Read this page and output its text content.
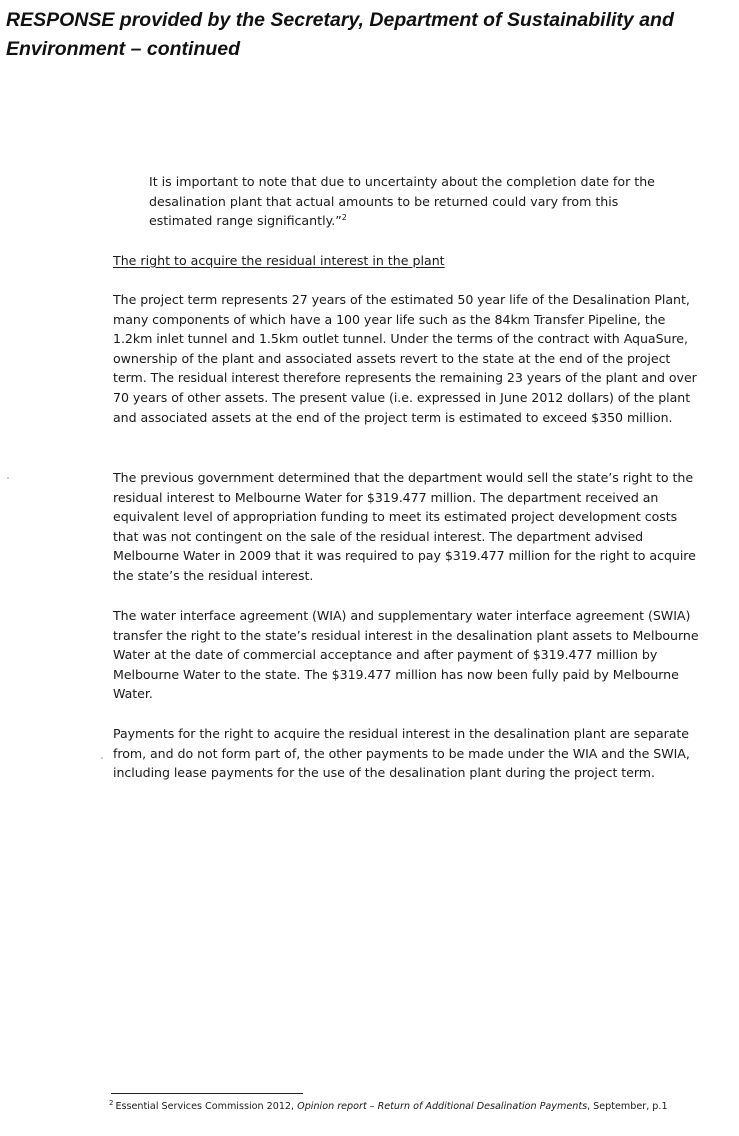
RESPONSE provided by the Secretary, Department of Sustainability and Environment – continued

It is important to note that due to uncertainty about the completion date for the desalination plant that actual amounts to be returned could vary from this estimated range significantly.”$^2$

The right to acquire the residual interest in the plant

The project term represents 27 years of the estimated 50 year life of the Desalination Plant, many components of which have a 100 year life such as the 84km Transfer Pipeline, the 1.2km inlet tunnel and 1.5km outlet tunnel. Under the terms of the contract with AquaSure, ownership of the plant and associated assets revert to the state at the end of the project term. The residual interest therefore represents the remaining 23 years of the plant and over 70 years of other assets. The present value (i.e. expressed in June 2012 dollars) of the plant and associated assets at the end of the project term is estimated to exceed $350 million.

The previous government determined that the department would sell the state’s right to the residual interest to Melbourne Water for $319.477 million. The department received an equivalent level of appropriation funding to meet its estimated project development costs that was not contingent on the sale of the residual interest. The department advised Melbourne Water in 2009 that it was required to pay $319.477 million for the right to acquire the state’s the residual interest.

The water interface agreement (WIA) and supplementary water interface agreement (SWIA) transfer the right to the state’s residual interest in the desalination plant assets to Melbourne Water at the date of commercial acceptance and after payment of $319.477 million by Melbourne Water to the state. The $319.477 million has now been fully paid by Melbourne Water.

Payments for the right to acquire the residual interest in the desalination plant are separate from, and do not form part of, the other payments to be made under the WIA and the SWIA, including lease payments for the use of the desalination plant during the project term.

$^2$ Essential Services Commission 2012, Opinion report – Return of Additional Desalination Payments, September, p.1
